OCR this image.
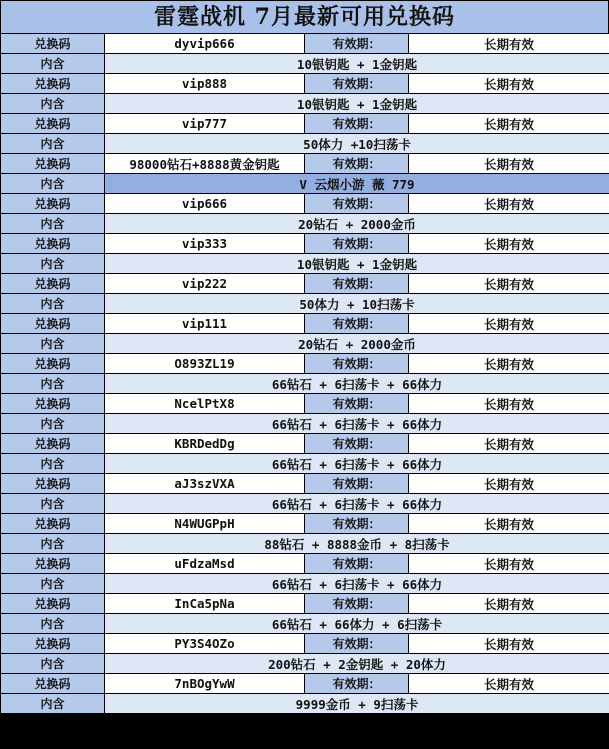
雷霆战机 7月最新可用兑换码
兑换码	dyvip666	有效期：	长期有效
内含	10银钥匙 + 1金钥匙		
兑换码	vip888	有效期：	长期有效
内含	10银钥匙 + 1金钥匙		
兑换码	vip777	有效期：	长期有效
内含	50体力 +10扫荡卡		
兑换码	98000钻石+8888黄金钥匙	有效期：	长期有效
内含	V 云烟小游 薇 779		
兑换码	vip666	有效期：	长期有效
内含	20钻石 + 2000金币		
兑换码	vip333	有效期：	长期有效
内含	10银钥匙 + 1金钥匙		
兑换码	vip222	有效期：	长期有效
内含	50体力 + 10扫荡卡		
兑换码	vip111	有效期：	长期有效
内含	20钻石 + 2000金币		
兑换码	O893ZL19	有效期：	长期有效
内含	66钻石 + 6扫荡卡 + 66体力		
兑换码	NcelPtX8	有效期：	长期有效
内含	66钻石 + 6扫荡卡 + 66体力		
兑换码	KBRDedDg	有效期：	长期有效
内含	66钻石 + 6扫荡卡 + 66体力		
兑换码	aJ3szVXA	有效期：	长期有效
内含	66钻石 + 6扫荡卡 + 66体力		
兑换码	N4WUGPpH	有效期：	长期有效
内含	88钻石 + 8888金币 + 8扫荡卡		
兑换码	uFdzaMsd	有效期：	长期有效
内含	66钻石 + 6扫荡卡 + 66体力		
兑换码	InCa5pNa	有效期：	长期有效
内含	66钻石 + 66体力 + 6扫荡卡		
兑换码	PY3S4OZo	有效期：	长期有效
内含	200钻石 + 2金钥匙 + 20体力		
兑换码	7nBOgYwW	有效期：	长期有效
内含	9999金币 + 9扫荡卡		
